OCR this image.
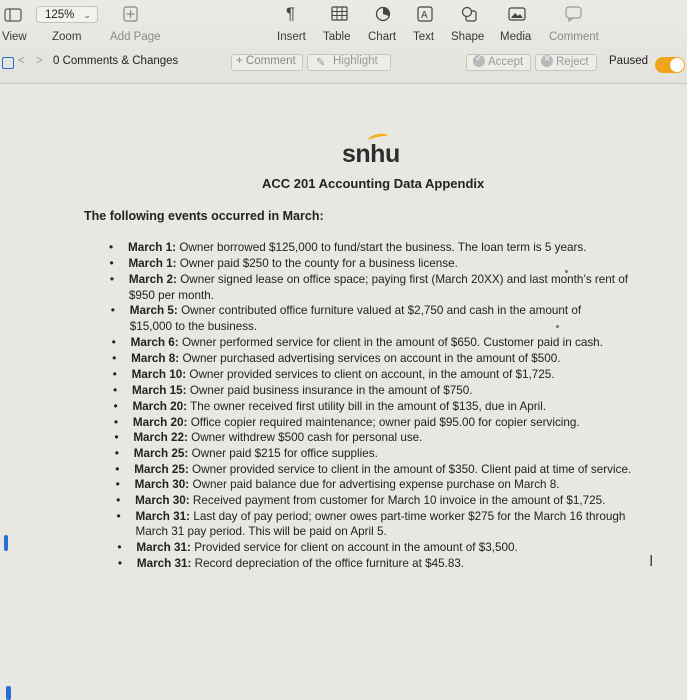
125% ⌄	¶	A
View Zoom Add Page	Insert Table Chart Text Shape Media Comment
< > 0 Comments & Changes	+ Comment ✎ Highlight ✓	Accept ×	Reject Paused
snhu
ACC 201 Accounting Data Appendix
The following events occurred in March:
• March 1: Owner borrowed $125,000 to fund/start the business. The loan term is 5 years.
• March 1: Owner paid $250 to the county for a business license.
• March 2: Owner signed lease on office space; paying first (March 20XX) and last month’s rent of
$950 per month.
• March 5: Owner contributed office furniture valued at $2,750 and cash in the amount of
$15,000 to the business.
• March 6: Owner performed service for client in the amount of $650. Customer paid in cash.
• March 8: Owner purchased advertising services on account in the amount of $500.
• March 10: Owner provided services to client on account, in the amount of $1,725.
• March 15: Owner paid business insurance in the amount of $750.
• March 20: The owner received first utility bill in the amount of $135, due in April.
• March 20: Office copier required maintenance; owner paid $95.00 for copier servicing.
• March 22: Owner withdrew $500 cash for personal use.
• March 25: Owner paid $215 for office supplies.
• March 25: Owner provided service to client in the amount of $350. Client paid at time of service.
• March 30: Owner paid balance due for advertising expense purchase on March 8.
• March 30: Received payment from customer for March 10 invoice in the amount of $1,725.
• March 31: Last day of pay period; owner owes part-time worker $275 for the March 16 through
March 31 pay period. This will be paid on April 5.
• March 31: Provided service for client on account in the amount of $3,500.
• March 31: Record depreciation of the office furniture at $45.83.	I
